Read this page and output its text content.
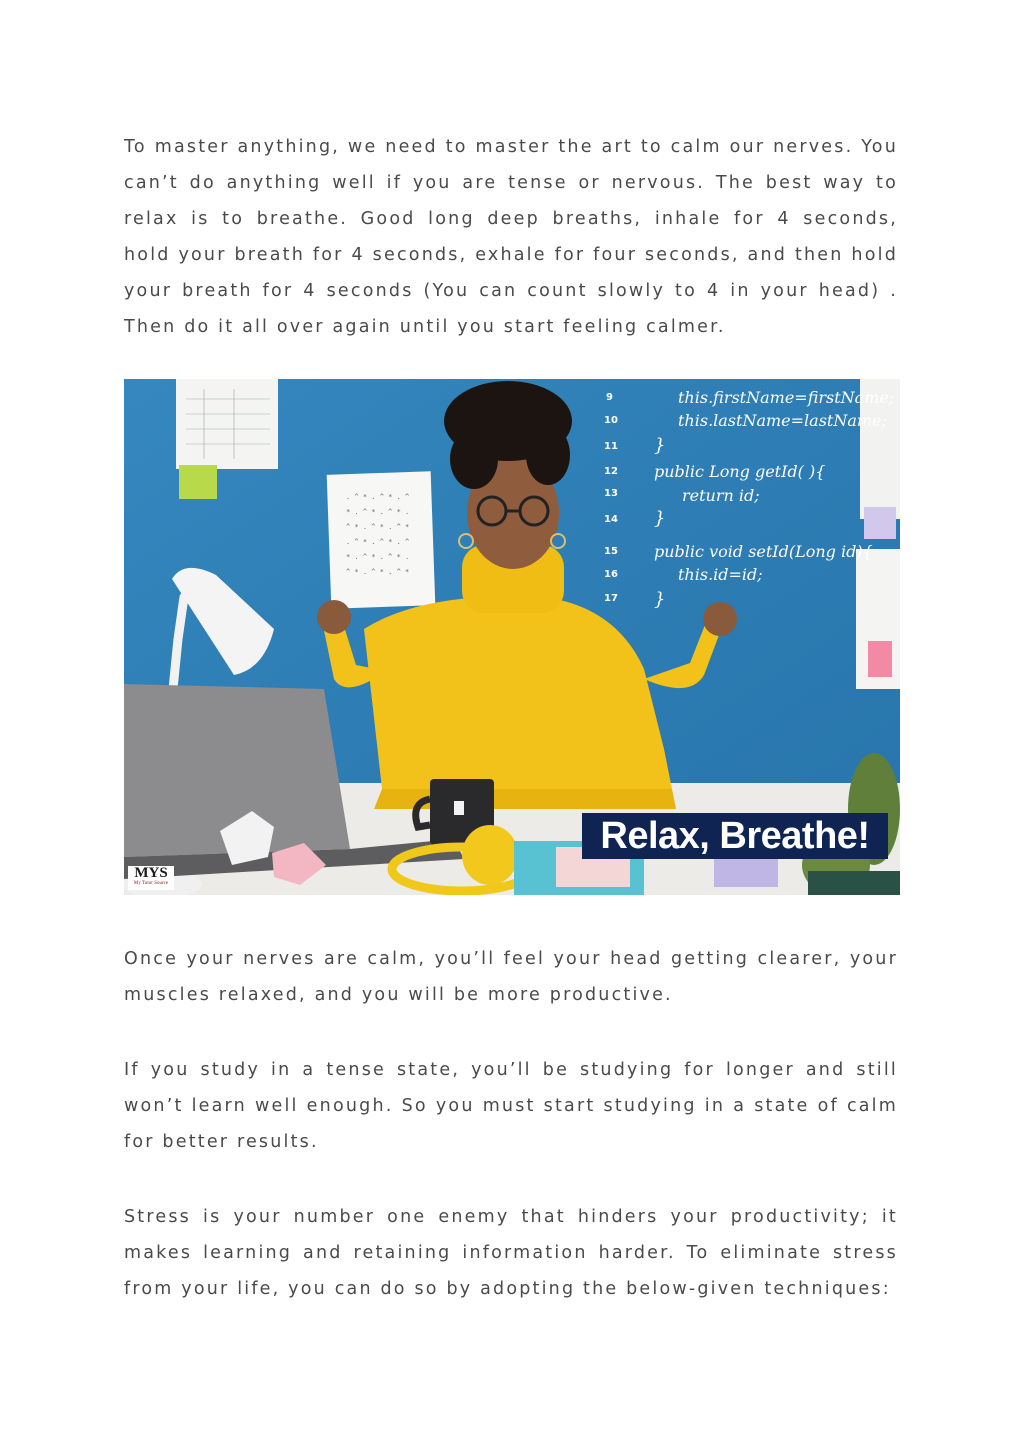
To master anything, we need to master the art to calm our nerves. You can’t do anything well if you are tense or nervous. The best way to relax is to breathe. Good long deep breaths, inhale for 4 seconds, hold your breath for 4 seconds, exhale for four seconds, and then hold your breath for 4 seconds (You can count slowly to 4 in your head) . Then do it all over again until you start feeling calmer.

. ^ * . ^ * . ^
* . ^ * . ^ * .
^ * . ^ * . ^ *
. ^ * . ^ * . ^
* . ^ * . ^ * .
^ * . ^ * . ^ *
9
10
11
12
13
14
15
16
17
this.firstName=firstName;
this.lastName=lastName;
}
public Long getId( ){
return id;
}
public void setId(Long id){
this.id=id;
}
Relax, Breathe!
MYS
My Tutor Source

Once your nerves are calm, you’ll feel your head getting clearer, your muscles relaxed, and you will be more productive.

If you study in a tense state, you’ll be studying for longer and still won’t learn well enough. So you must start studying in a state of calm for better results.

Stress is your number one enemy that hinders your productivity; it makes learning and retaining information harder. To eliminate stress from your life, you can do so by adopting the below-given techniques:
